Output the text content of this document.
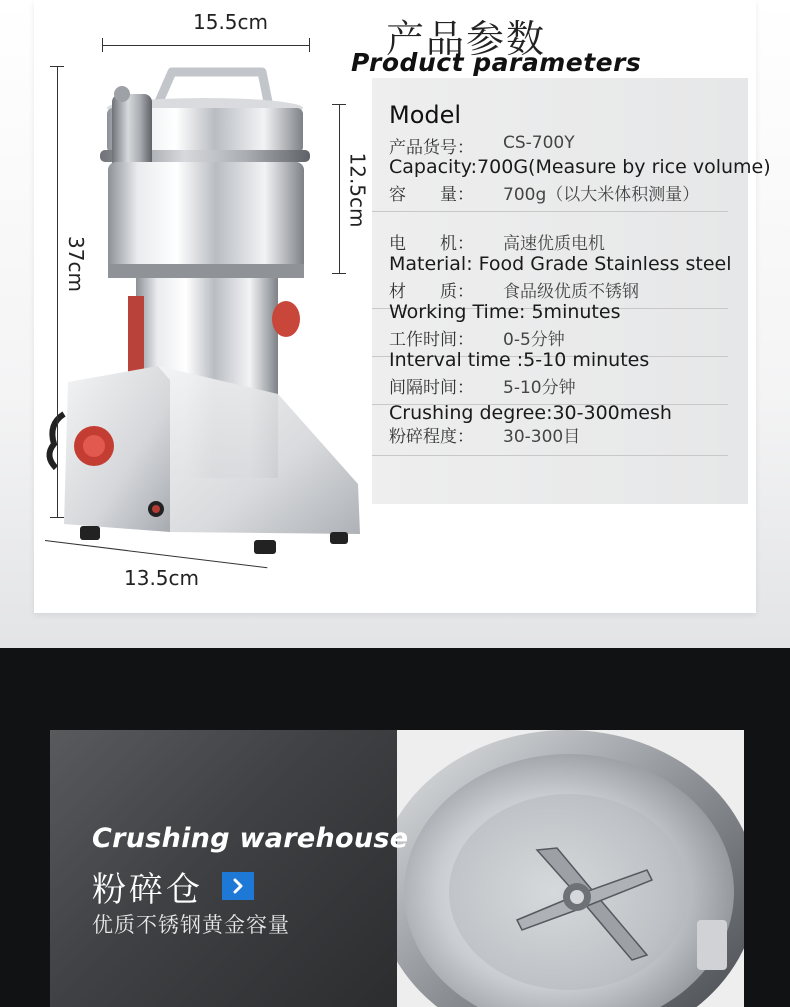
产品参数
Product parameters
15.5cm
12.5cm
37cm
13.5cm
Model
产品货号： CS-700Y
Capacity:700G(Measure by rice volume)
容　　量： 700g（以大米体积测量）
电　　机： 高速优质电机
Material: Food Grade Stainless steel
材　　质： 食品级优质不锈钢
Working Time: 5minutes
工作时间： 0-5分钟
Interval time :5-10 minutes
间隔时间： 5-10分钟
Crushing degree:30-300mesh
粉碎程度： 30-300目
Crushing warehouse
粉碎仓
优质不锈钢黄金容量
